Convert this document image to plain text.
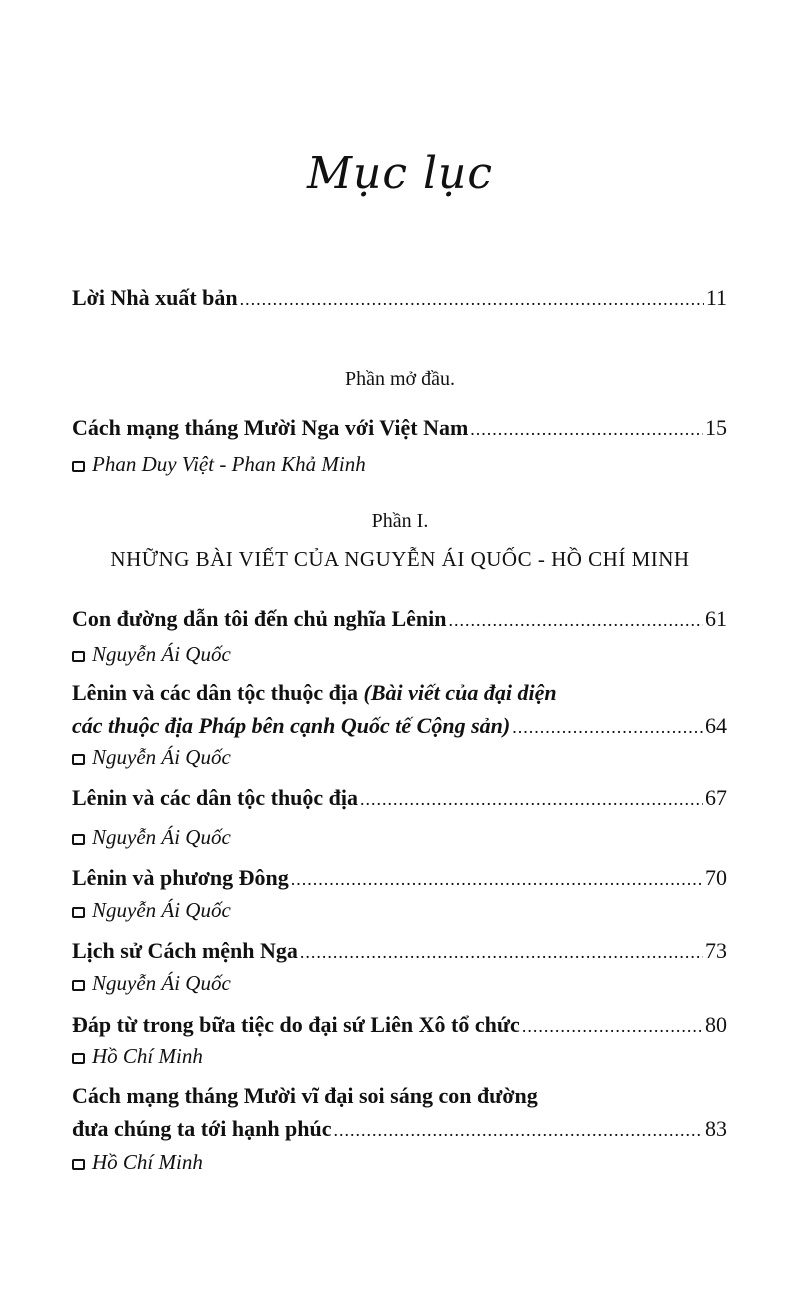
Mục lục
Lời Nhà xuất bản .....	11
Phần mở đầu.
Cách mạng tháng Mười Nga với Việt Nam .....	15
Phan Duy Việt - Phan Khả Minh
Phần I.
NHỮNG BÀI VIẾT CỦA NGUYỄN ÁI QUỐC - HỒ CHÍ MINH
Con đường dẫn tôi đến chủ nghĩa Lênin .....	61
Nguyễn Ái Quốc
Lênin và các dân tộc thuộc địa (Bài viết của đại diện
các thuộc địa Pháp bên cạnh Quốc tế Cộng sản) .....	64
Nguyễn Ái Quốc
Lênin và các dân tộc thuộc địa .....	67
Nguyễn Ái Quốc
Lênin và phương Đông .....	70
Nguyễn Ái Quốc
Lịch sử Cách mệnh Nga .....	73
Nguyễn Ái Quốc
Đáp từ trong bữa tiệc do đại sứ Liên Xô tổ chức .....	80
Hồ Chí Minh
Cách mạng tháng Mười vĩ đại soi sáng con đường
đưa chúng ta tới hạnh phúc .....	83
Hồ Chí Minh
